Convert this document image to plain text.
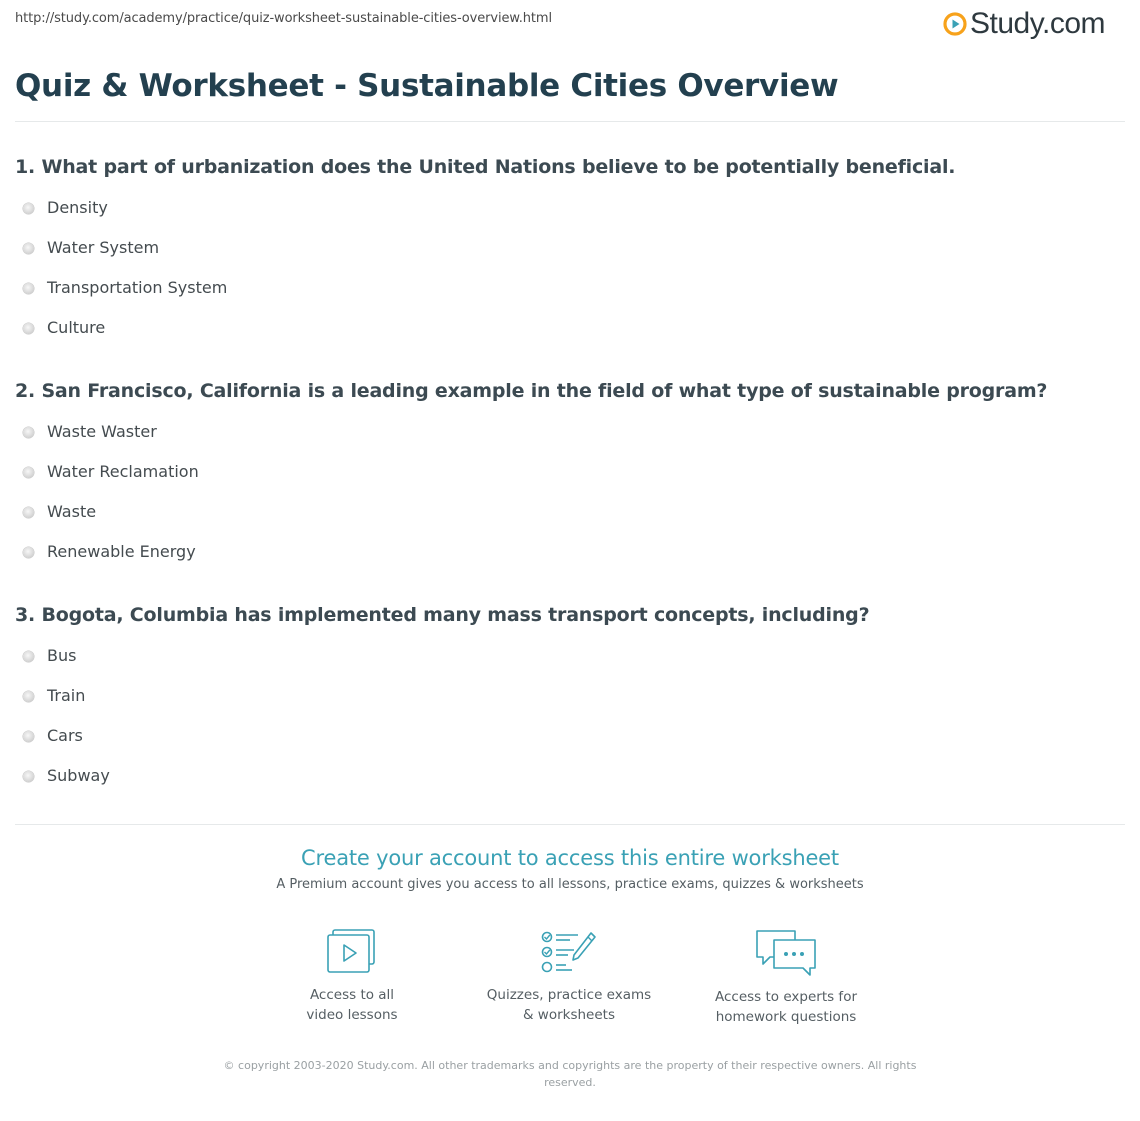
http://study.com/academy/practice/quiz-worksheet-sustainable-cities-overview.html	Study.com
Quiz & Worksheet - Sustainable Cities Overview

1. What part of urbanization does the United Nations believe to be potentially beneficial.

Density
Water System
Transportation System
Culture

2. San Francisco, California is a leading example in the field of what type of sustainable program?

Waste Waster
Water Reclamation
Waste
Renewable Energy

3. Bogota, Columbia has implemented many mass transport concepts, including?

Bus
Train
Cars
Subway
Create your account to access this entire worksheet
A Premium account gives you access to all lessons, practice exams, quizzes & worksheets
Access to all
video lessons
Quizzes, practice exams
& worksheets
Access to experts for
homework questions
© copyright 2003-2020 Study.com. All other trademarks and copyrights are the property of their respective owners. All rights reserved.
